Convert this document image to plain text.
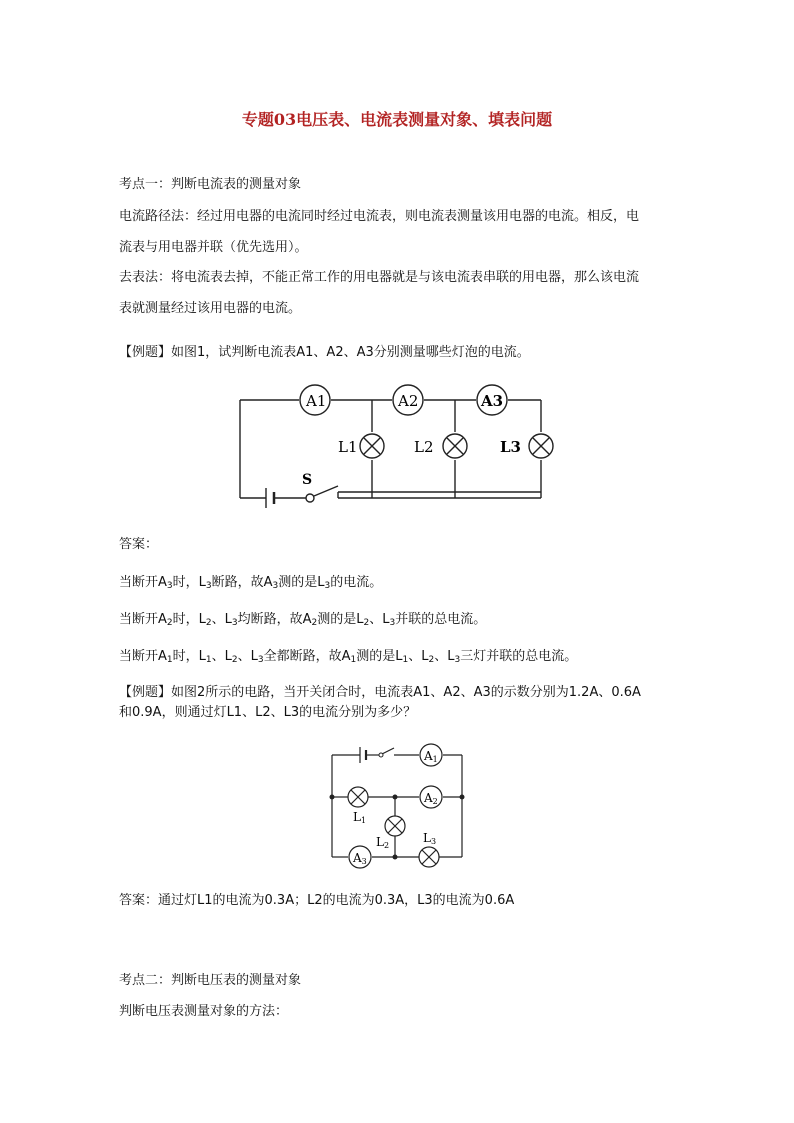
专题03电压表、电流表测量对象、填表问题
考点一：判断电流表的测量对象
电流路径法：经过用电器的电流同时经过电流表，则电流表测量该用电器的电流。相反，电
流表与用电器并联（优先选用）。
去表法：将电流表去掉，不能正常工作的用电器就是与该电流表串联的用电器，那么该电流
表就测量经过该用电器的电流。
【例题】如图1，试判断电流表A1、A2、A3分别测量哪些灯泡的电流。
A1	A2	A3
L1	L2	L3
S
答案：
当断开$A_3$时，$L_3$断路，故$A_3$测的是$L_3$的电流。
当断开$A_2$时，$L_2$、$L_3$均断路，故$A_2$测的是$L_2$、$L_3$并联的总电流。
当断开$A_1$时，$L_1$、$L_2$、$L_3$全都断路，故$A_1$测的是$L_1$、$L_2$、$L_3$三灯并联的总电流。
【例题】如图2所示的电路，当开关闭合时，电流表A1、A2、A3的示数分别为1.2A、0.6A
和0.9A，则通过灯L1、L2、L3的电流分别为多少？
A1
A2
A3
L1
L2
L3
答案：通过灯L1的电流为0.3A；L2的电流为0.3A，L3的电流为0.6A
考点二：判断电压表的测量对象
判断电压表测量对象的方法：
